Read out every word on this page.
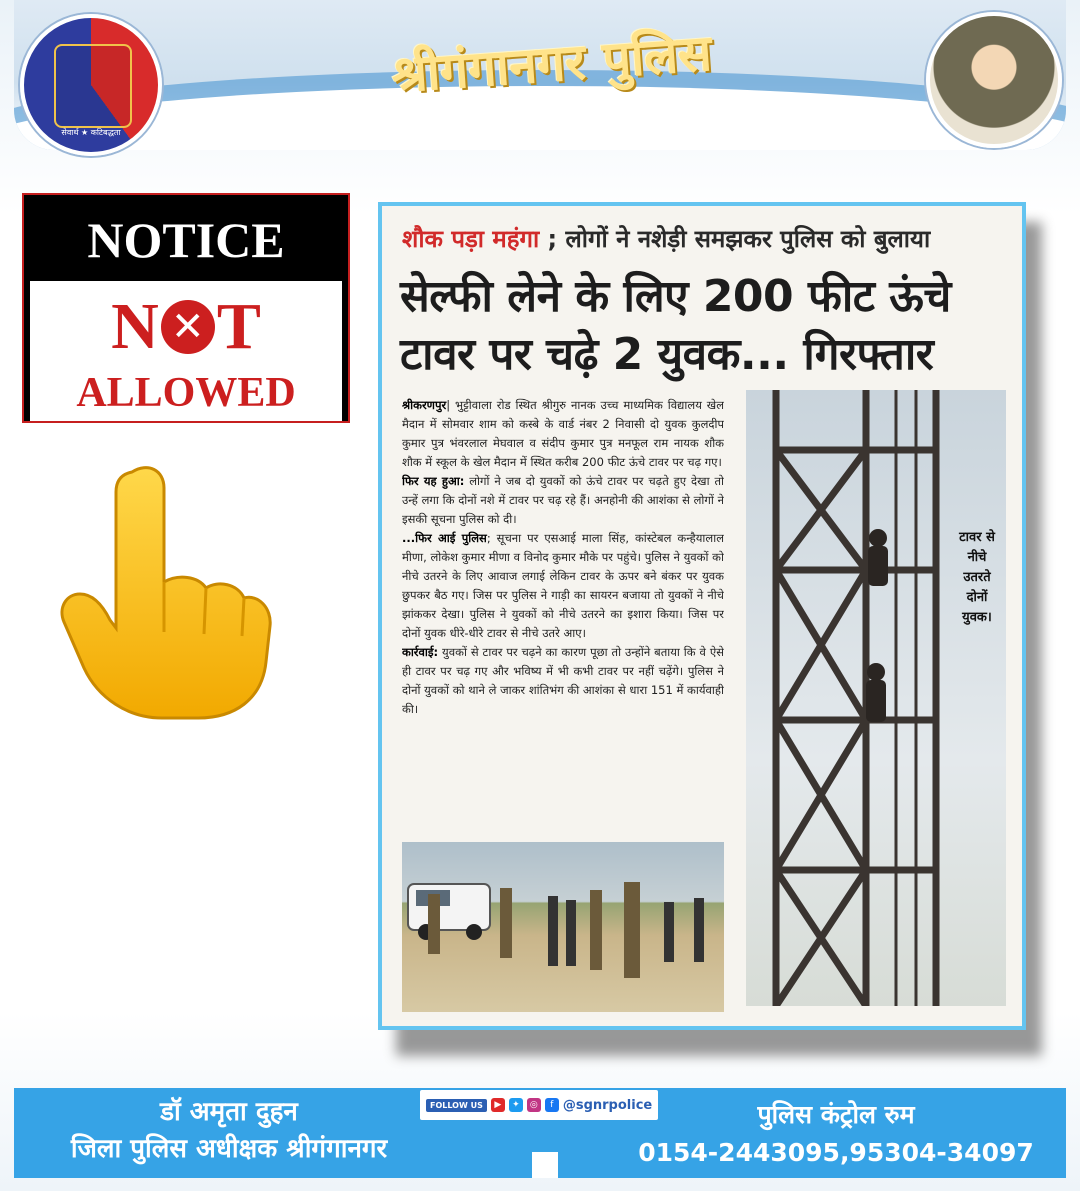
सेवार्थ ★ कटिबद्धता
श्रीगंगानगर पुलिस
NOTICE
N ✕ T
ALLOWED
शौक पड़ा महंगा ; लोगों ने नशेड़ी समझकर पुलिस को बुलाया
सेल्फी लेने के लिए 200 फीट ऊंचे
टावर पर चढ़े 2 युवक... गिरफ्तार

श्रीकरणपुर| भुट्टीवाला रोड स्थित श्रीगुरु नानक उच्च माध्यमिक विद्यालय खेल मैदान में सोमवार शाम को कस्बे के वार्ड नंबर 2 निवासी दो युवक कुलदीप कुमार पुत्र भंवरलाल मेघवाल व संदीप कुमार पुत्र मनफूल राम नायक शौक शौक में स्कूल के खेल मैदान में स्थित करीब 200 फीट ऊंचे टावर पर चढ़ गए।

फिर यह हुआ: लोगों ने जब दो युवकों को ऊंचे टावर पर चढ़ते हुए देखा तो उन्हें लगा कि दोनों नशे में टावर पर चढ़ रहे हैं। अनहोनी की आशंका से लोगों ने इसकी सूचना पुलिस को दी।

...फिर आई पुलिस; सूचना पर एसआई माला सिंह, कांस्टेबल कन्हैयालाल मीणा, लोकेश कुमार मीणा व विनोद कुमार मौके पर पहुंचे। पुलिस ने युवकों को नीचे उतरने के लिए आवाज लगाई लेकिन टावर के ऊपर बने बंकर पर युवक छुपकर बैठ गए। जिस पर पुलिस ने गाड़ी का सायरन बजाया तो युवकों ने नीचे झांककर देखा। पुलिस ने युवकों को नीचे उतरने का इशारा किया। जिस पर दोनों युवक धीरे-धीरे टावर से नीचे उतरे आए।

कार्रवाई: युवकों से टावर पर चढ़ने का कारण पूछा तो उन्होंने बताया कि वे ऐसे ही टावर पर चढ़ गए और भविष्य में भी कभी टावर पर नहीं चढ़ेंगे। पुलिस ने दोनों युवकों को थाने ले जाकर शांतिभंग की आशंका से धारा 151 में कार्यवाही की।

टावर से नीचे उतरते दोनों युवक।
डॉ अमृता दुहन
जिला पुलिस अधीक्षक श्रीगंगानगर
FOLLOW US	▶	✦	◎	f @sgnrpolice	पुलिस कंट्रोल रुम
0154-2443095,95304-34097
